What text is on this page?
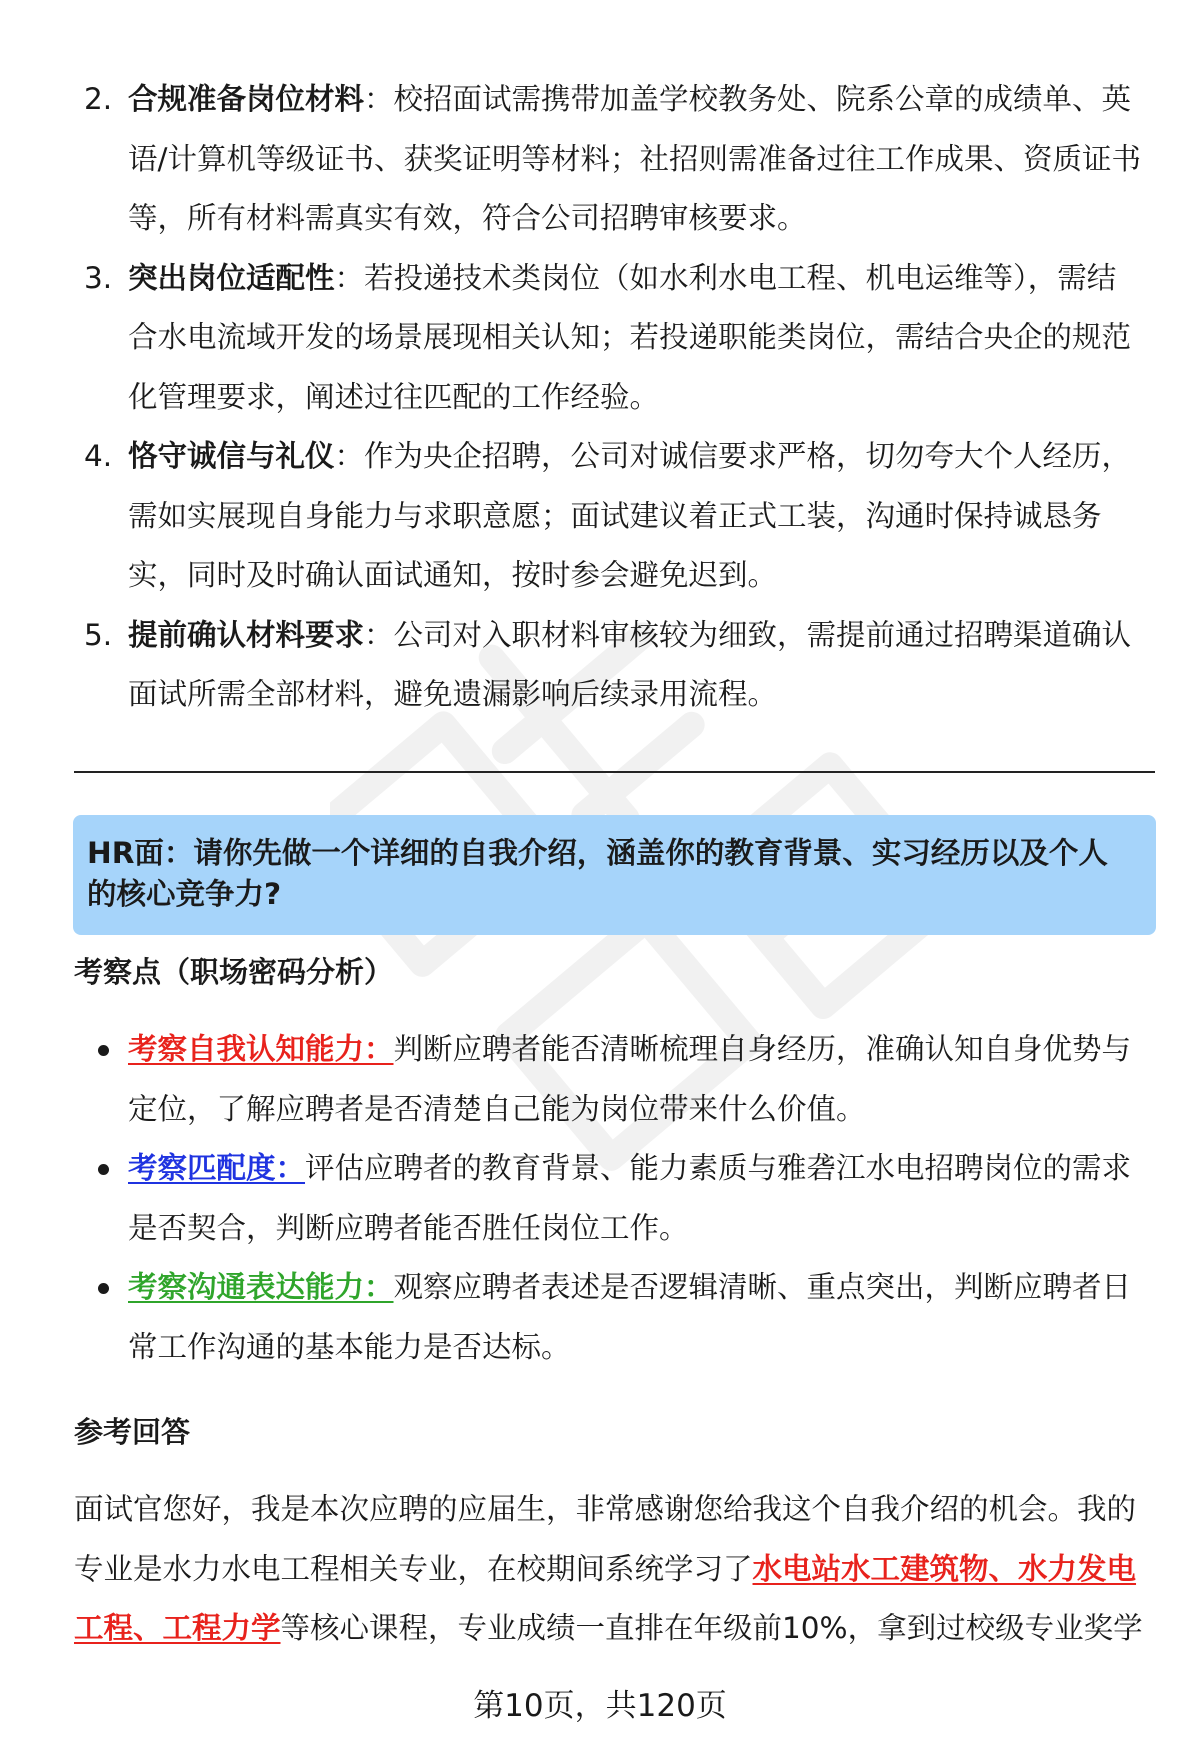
2. 合规准备岗位材料：校招面试需携带加盖学校教务处、院系公章的成绩单、英
语/计算机等级证书、获奖证明等材料；社招则需准备过往工作成果、资质证书
等，所有材料需真实有效，符合公司招聘审核要求。
3. 突出岗位适配性：若投递技术类岗位（如水利水电工程、机电运维等），需结
合水电流域开发的场景展现相关认知；若投递职能类岗位，需结合央企的规范
化管理要求，阐述过往匹配的工作经验。
4. 恪守诚信与礼仪：作为央企招聘，公司对诚信要求严格，切勿夸大个人经历，
需如实展现自身能力与求职意愿；面试建议着正式工装，沟通时保持诚恳务
实，同时及时确认面试通知，按时参会避免迟到。
5. 提前确认材料要求：公司对入职材料审核较为细致，需提前通过招聘渠道确认
面试所需全部材料，避免遗漏影响后续录用流程。
HR面：请你先做一个详细的自我介绍，涵盖你的教育背景、实习经历以及个人
的核心竞争力?
考察点（职场密码分析）
考察自我认知能力：判断应聘者能否清晰梳理自身经历，准确认知自身优势与
定位，了解应聘者是否清楚自己能为岗位带来什么价值。
考察匹配度：评估应聘者的教育背景、能力素质与雅砻江水电招聘岗位的需求
是否契合，判断应聘者能否胜任岗位工作。
考察沟通表达能力：观察应聘者表述是否逻辑清晰、重点突出，判断应聘者日
常工作沟通的基本能力是否达标。
参考回答
面试官您好，我是本次应聘的应届生，非常感谢您给我这个自我介绍的机会。我的
专业是水力水电工程相关专业，在校期间系统学习了水电站水工建筑物、水力发电
工程、工程力学等核心课程，专业成绩一直排在年级前10%，拿到过校级专业奖学
第10页，共120页
